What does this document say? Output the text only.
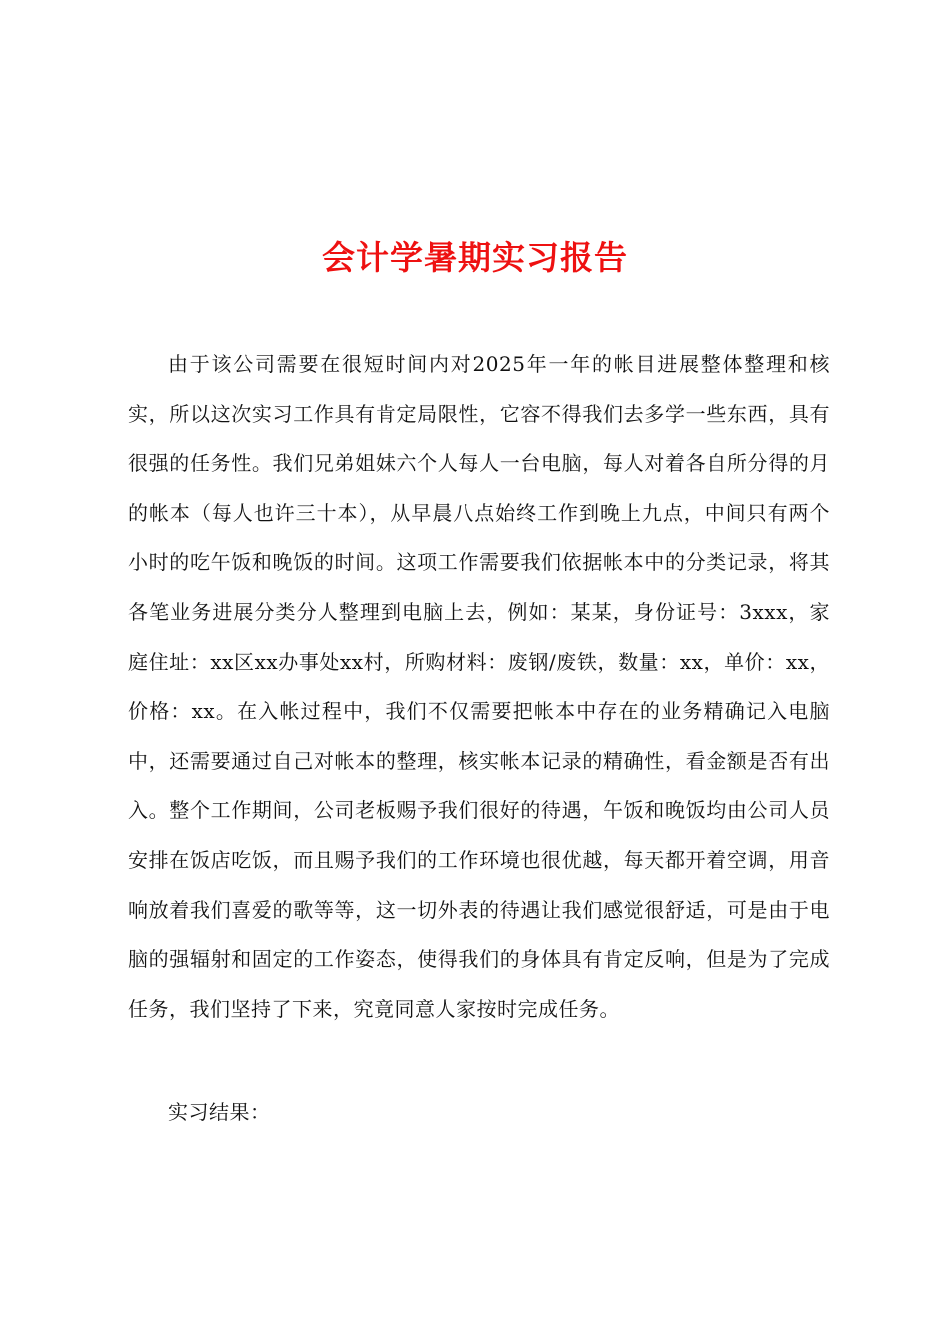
会计学暑期实习报告

由于该公司需要在很短时间内对2025年一年的帐目进展整体整理和核实，所以这次实习工作具有肯定局限性，它容不得我们去多学一些东西，具有很强的任务性。我们兄弟姐妹六个人每人一台电脑，每人对着各自所分得的月的帐本（每人也许三十本），从早晨八点始终工作到晚上九点，中间只有两个小时的吃午饭和晚饭的时间。这项工作需要我们依据帐本中的分类记录，将其各笔业务进展分类分人整理到电脑上去，例如：某某，身份证号：3xxx，家庭住址：xx区xx办事处xx村，所购材料：废钢/废铁，数量：xx，单价：xx，价格：xx。在入帐过程中，我们不仅需要把帐本中存在的业务精确记入电脑中，还需要通过自己对帐本的整理，核实帐本记录的精确性，看金额是否有出入。整个工作期间，公司老板赐予我们很好的待遇，午饭和晚饭均由公司人员安排在饭店吃饭，而且赐予我们的工作环境也很优越，每天都开着空调，用音响放着我们喜爱的歌等等，这一切外表的待遇让我们感觉很舒适，可是由于电脑的强辐射和固定的工作姿态，使得我们的身体具有肯定反响，但是为了完成任务，我们坚持了下来，究竟同意人家按时完成任务。

实习结果：
